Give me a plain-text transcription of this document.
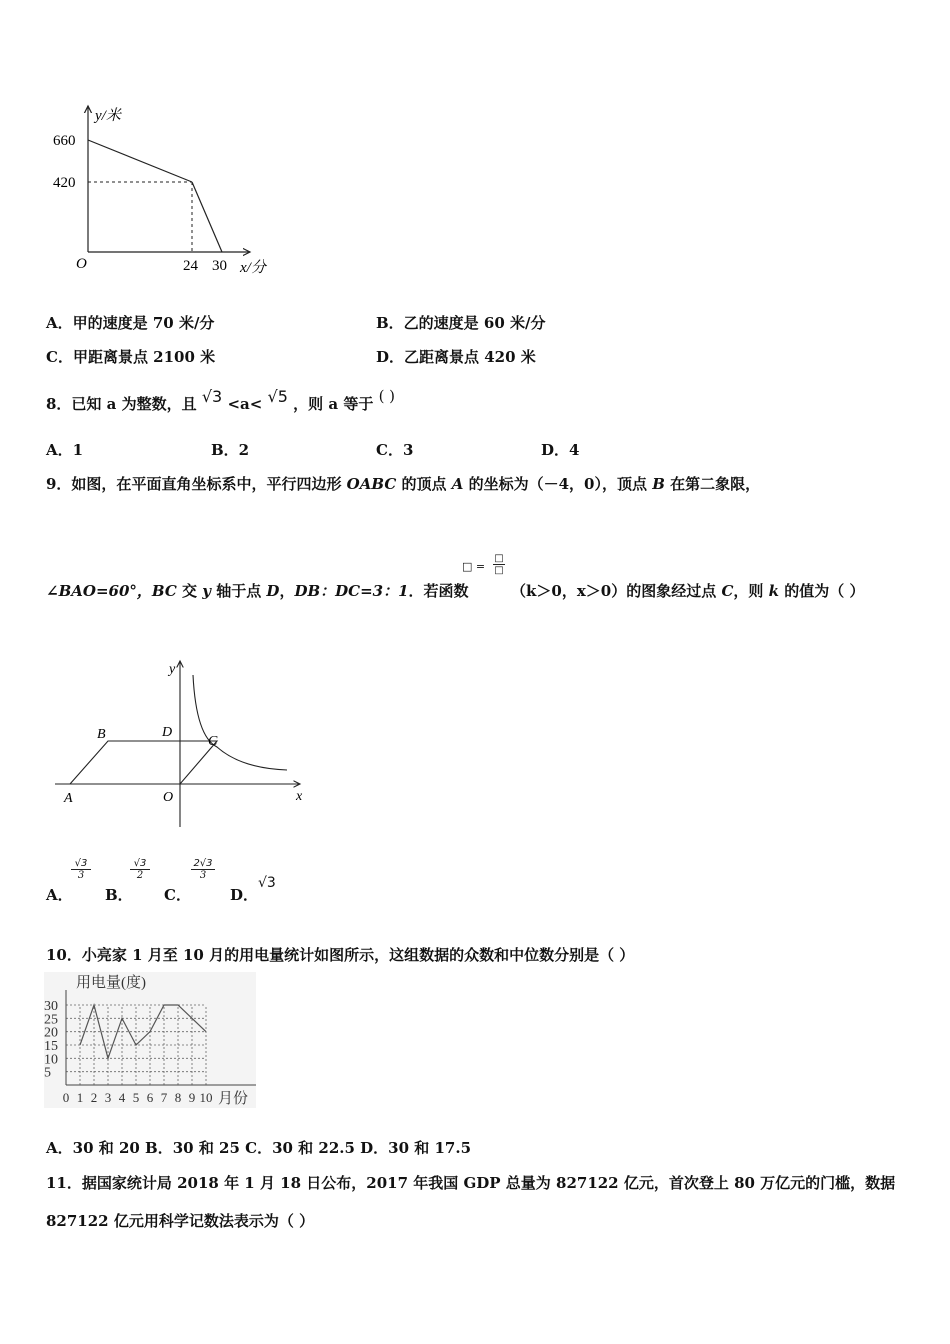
y/米
660
420
O	24 30 x/分
A．甲的速度是 70 米/分	B．乙的速度是 60 米/分
C．甲距离景点 2100 米	D．乙距离景点 420 米
8．已知 a 为整数，且 √3 <a< √5 ，则 a 等于 ( )
A．1	B．2	C．3	D．4
9．如图，在平面直角坐标系中，平行四边形 OABC 的顶点 A 的坐标为（－4，0），顶点 B 在第二象限，
□ =
□
□
∠BAO=60°，BC 交 y 轴于点 D，DB：DC=3：1．若函数	（k＞0，x＞0）的图象经过点 C，则 k 的值为（ ）
y
B	D
C
A	O	x
A．
$\frac{√3}{3}$
B．
$\frac{√3}{2}$
C．
$\frac{2√3}{3}$
D．
√3
10．小亮家 1 月至 10 月的用电量统计如图所示，这组数据的众数和中位数分别是（ ）
5
10
15
20
25
30
0 1 2 3 4 5 6 7 8 9 10
用电量(度)
月份
A．30 和 20 B．30 和 25 C．30 和 22.5 D．30 和 17.5
11．据国家统计局 2018 年 1 月 18 日公布，2017 年我国 GDP 总量为 827122 亿元，首次登上 80 万亿元的门槛，数据
827122 亿元用科学记数法表示为（ ）
